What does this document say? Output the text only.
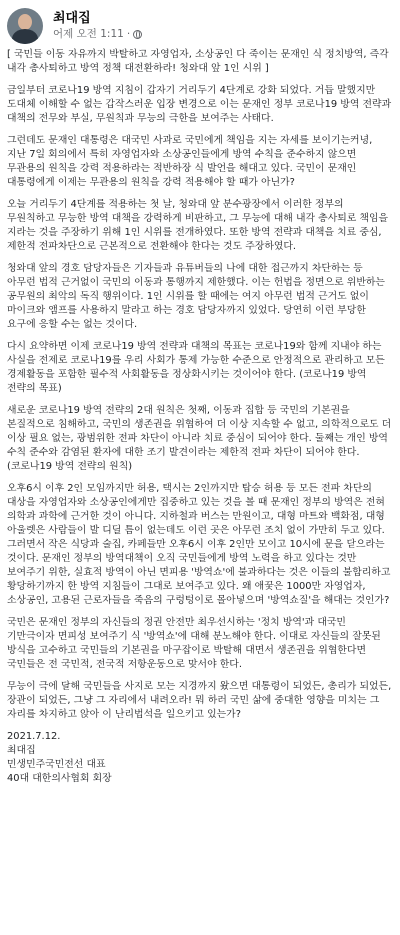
최대집
어제 오전 1:11 ·
[ 국민들 이동 자유까지 박탈하고 자영업자, 소상공인 다 죽이는 문재인 식 정치방역, 즉각 내각 총사퇴하고 방역 정책 대전환하라! 청와대 앞 1인 시위 ]
금일부터 코로나19 방역 지침이 갑자기 거리두기 4단계로 강화 되었다. 거듭 말했지만 도대체 이해할 수 없는 갑작스러운 입장 변경으로 이는 문재인 정부 코로나19 방역 전략과 대책의 전무와 부실, 무원칙과 무능의 극한을 보여주는 사태다.
그런데도 문재인 대통령은 대국민 사과로 국민에게 책임을 지는 자세를 보이기는커녕, 지난 7일 회의에서 특히 자영업자와 소상공인들에게 방역 수칙을 준수하지 않으면 무관용의 원칙을 강력 적용하라는 적반하장 식 발언을 해대고 있다. 국민이 문재인 대통령에게 이제는 무관용의 원칙을 강력 적용해야 할 때가 아닌가?
오늘 거리두기 4단계를 적용하는 첫 날, 청와대 앞 분수광장에서 이러한 정부의 무원칙하고 무능한 방역 대책을 강력하게 비판하고, 그 무능에 대해 내각 총사퇴로 책임을 지라는 것을 주장하기 위해 1인 시위를 전개하였다. 또한 방역 전략과 대책을 치료 중심, 제한적 전파차단으로 근본적으로 전환해야 한다는 것도 주장하였다.
청와대 앞의 경호 담당자들은 기자들과 유튜버들의 나에 대한 접근까지 차단하는 등 아무런 법적 근거없이 국민의 이동과 통행까지 제한했다. 이는 헌법을 정면으로 위반하는 공무원의 최악의 독직 행위이다. 1인 시위를 할 때에는 여지 아무런 법적 근거도 없이 마이크와 앰프를 사용하지 말라고 하는 경호 담당자까지 있었다. 당연히 이런 부당한 요구에 응할 수는 없는 것이다.
다시 요약하면 이제 코로나19 방역 전략과 대책의 목표는 코로나19와 함께 지내야 하는 사실을 전제로 코로나19를 우리 사회가 통제 가능한 수준으로 안정적으로 관리하고 모든 경제활동을 포함한 필수적 사회활동을 정상화시키는 것이어야 한다. (코로나19 방역 전략의 목표)
새로운 코로나19 방역 전략의 2대 원칙은 첫째, 이동과 집합 등 국민의 기본권을 본질적으로 침해하고, 국민의 생존권을 위협하여 더 이상 지속할 수 없고, 의학적으로도 더 이상 필요 없는, 광범위한 전파 차단이 아니라 치료 중심이 되어야 한다. 둘째는 개인 방역 수칙 준수와 감염된 환자에 대한 조기 발견이라는 제한적 전파 차단이 되어야 한다. (코로나19 방역 전략의 원칙)
오후6시 이후 2인 모임까지만 허용, 택시는 2인까지만 탑승 허용 등 모든 전파 차단의 대상을 자영업자와 소상공인에게만 집중하고 있는 것을 볼 때 문재인 정부의 방역은 전혀 의학과 과학에 근거한 것이 아니다. 지하철과 버스는 만원이고, 대형 마트와 백화점, 대형 아울렛은 사람들이 발 디딜 틈이 없는데도 이런 곳은 아무런 조치 없이 가만히 두고 있다. 그러면서 작은 식당과 술집, 카페들만 오후6시 이후 2인만 모이고 10시에 문을 닫으라는 것이다. 문재인 정부의 방역대책이 오직 국민들에게 방역 노력을 하고 있다는 것만 보여주기 위한, 실효적 방역이 아닌 면피용 '방역쇼'에 불과하다는 것은 이들의 불합리하고 황당하기까지 한 방역 지침들이 그대로 보여주고 있다. 왜 애꿎은 1000만 자영업자, 소상공인, 고용된 근로자들을 죽음의 구렁텅이로 몰아넣으며 '방역쇼질'을 해대는 것인가?
국민은 문재인 정부의 자신들의 정권 안전만 최우선시하는 '정치 방역'과 대국민 기만극이자 면피성 보여주기 식 '방역쇼'에 대해 분노해야 한다. 이대로 자신들의 잘못된 방식을 고수하고 국민들의 기본권을 마구잡이로 박탈해 대면서 생존권을 위협한다면 국민들은 전 국민적, 전국적 저항운동으로 맞서야 한다.
무능이 극에 달해 국민들을 사지로 모는 지경까지 왔으면 대통령이 되었든, 총리가 되었든, 장관이 되었든, 그냥 그 자리에서 내려오라! 뭐 하러 국민 삶에 중대한 영향을 미치는 그 자리를 차지하고 앉아 이 난리법석을 일으키고 있는가?
2021.7.12.
최대집
민생민주국민전선 대표
40대 대한의사협회 회장
